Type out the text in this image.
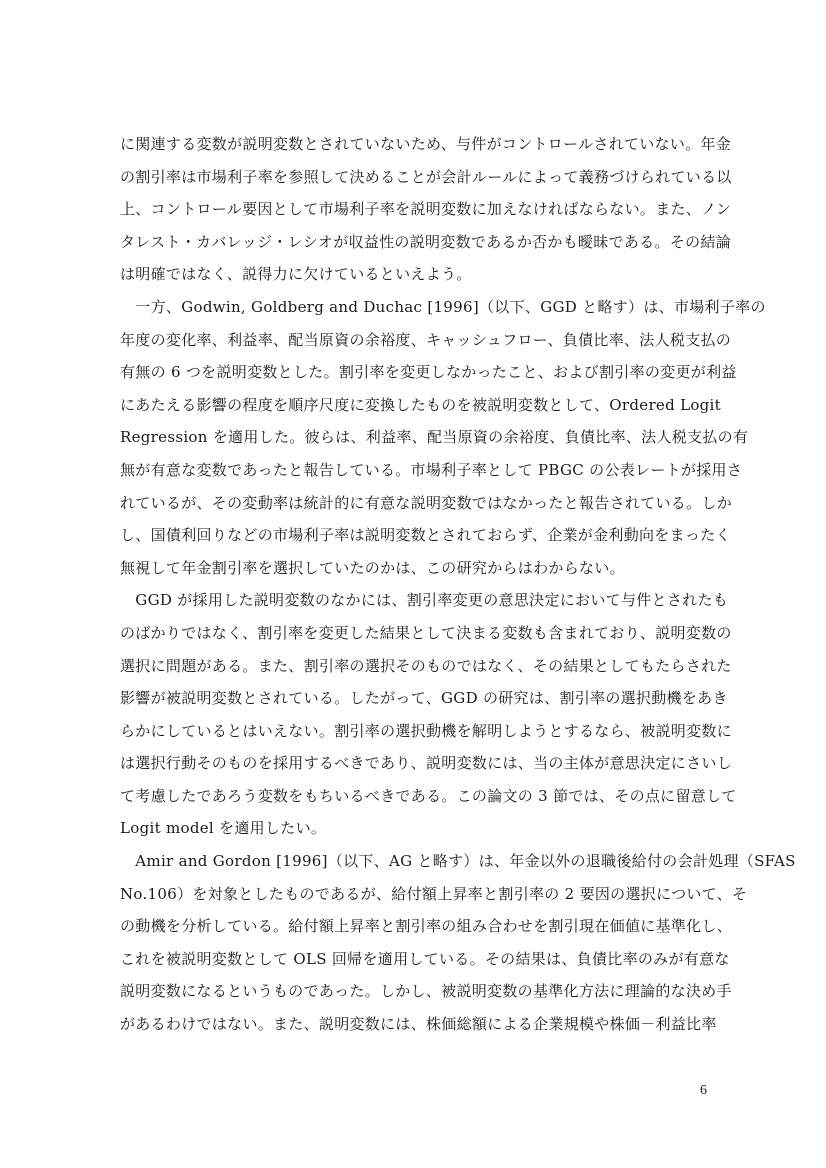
に関連する変数が説明変数とされていないため、与件がコントロールされていない。年金
の割引率は市場利子率を参照して決めることが会計ルールによって義務づけられている以
上、コントロール要因として市場利子率を説明変数に加えなければならない。また、ノン
タレスト・カバレッジ・レシオが収益性の説明変数であるか否かも曖昧である。その結論
は明確ではなく、説得力に欠けているといえよう。
　一方、Godwin, Goldberg and Duchac [1996]（以下、GGD と略す）は、市場利子率の
年度の変化率、利益率、配当原資の余裕度、キャッシュフロー、負債比率、法人税支払の
有無の 6 つを説明変数とした。割引率を変更しなかったこと、および割引率の変更が利益
にあたえる影響の程度を順序尺度に変換したものを被説明変数として、Ordered Logit
Regression を適用した。彼らは、利益率、配当原資の余裕度、負債比率、法人税支払の有
無が有意な変数であったと報告している。市場利子率として PBGC の公表レートが採用さ
れているが、その変動率は統計的に有意な説明変数ではなかったと報告されている。しか
し、国債利回りなどの市場利子率は説明変数とされておらず、企業が金利動向をまったく
無視して年金割引率を選択していたのかは、この研究からはわからない。
　GGD が採用した説明変数のなかには、割引率変更の意思決定において与件とされたも
のばかりではなく、割引率を変更した結果として決まる変数も含まれており、説明変数の
選択に問題がある。また、割引率の選択そのものではなく、その結果としてもたらされた
影響が被説明変数とされている。したがって、GGD の研究は、割引率の選択動機をあき
らかにしているとはいえない。割引率の選択動機を解明しようとするなら、被説明変数に
は選択行動そのものを採用するべきであり、説明変数には、当の主体が意思決定にさいし
て考慮したであろう変数をもちいるべきである。この論文の 3 節では、その点に留意して
Logit model を適用したい。
　Amir and Gordon [1996]（以下、AG と略す）は、年金以外の退職後給付の会計処理（SFAS
No.106）を対象としたものであるが、給付額上昇率と割引率の 2 要因の選択について、そ
の動機を分析している。給付額上昇率と割引率の組み合わせを割引現在価値に基準化し、
これを被説明変数として OLS 回帰を適用している。その結果は、負債比率のみが有意な
説明変数になるというものであった。しかし、被説明変数の基準化方法に理論的な決め手
があるわけではない。また、説明変数には、株価総額による企業規模や株価－利益比率
6
